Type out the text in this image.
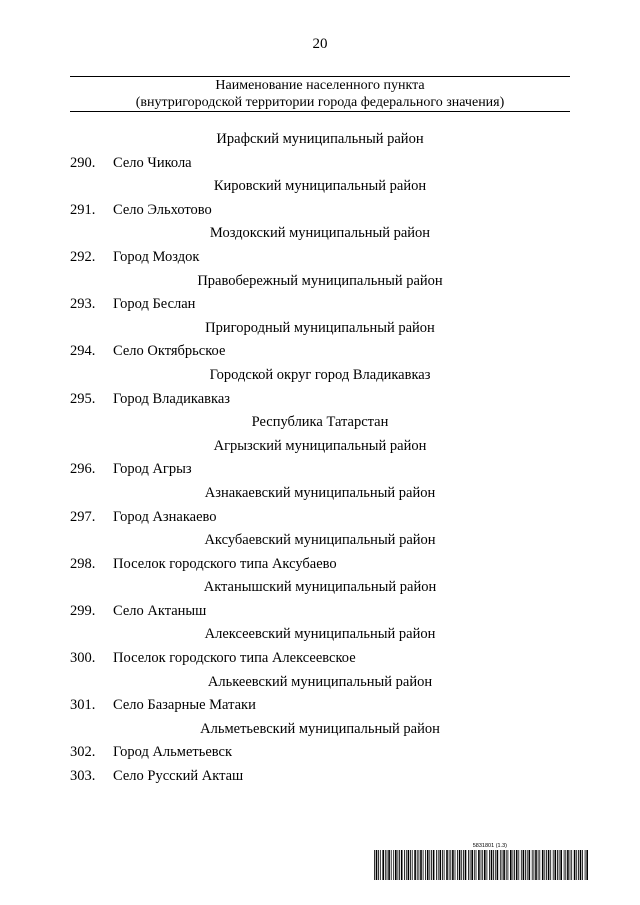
20
Наименование населенного пункта
(внутригородской территории города федерального значения)
Ирафский муниципальный район
290. Село Чикола
Кировский муниципальный район
291. Село Эльхотово
Моздокский муниципальный район
292. Город Моздок
Правобережный муниципальный район
293. Город Беслан
Пригородный муниципальный район
294. Село Октябрьское
Городской округ город Владикавказ
295. Город Владикавказ
Республика Татарстан
Агрызский муниципальный район
296. Город Агрыз
Азнакаевский муниципальный район
297. Город Азнакаево
Аксубаевский муниципальный район
298. Поселок городского типа Аксубаево
Актанышский муниципальный район
299. Село Актаныш
Алексеевский муниципальный район
300. Поселок городского типа Алексеевское
Алькеевский муниципальный район
301. Село Базарные Матаки
Альметьевский муниципальный район
302. Город Альметьевск
303. Село Русский Акташ
5831801 (1.3)
